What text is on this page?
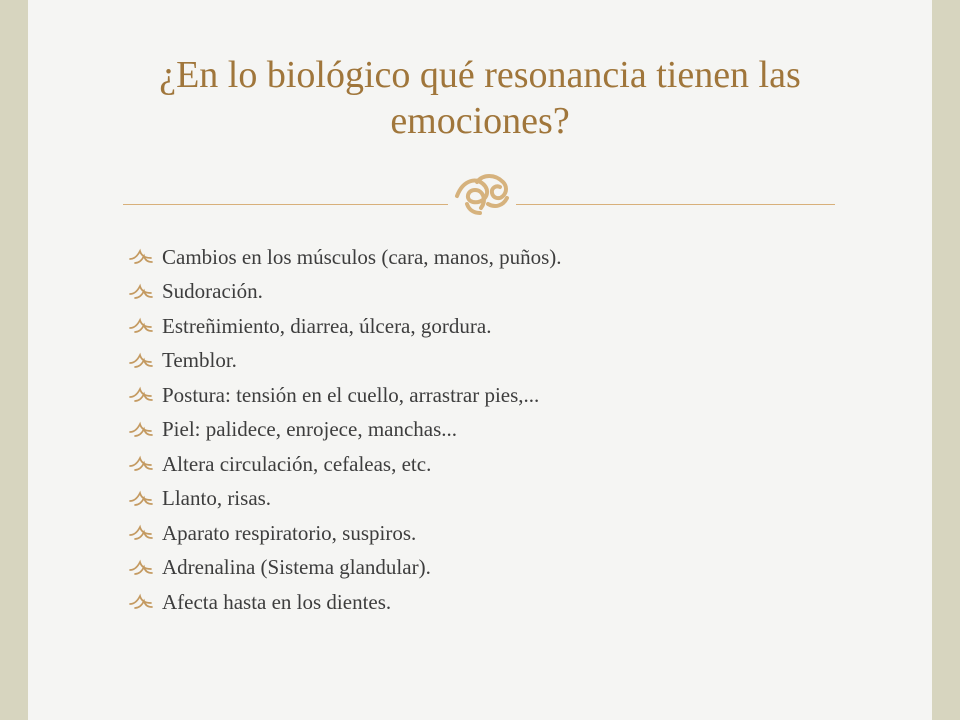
¿En lo biológico qué resonancia tienen las
emociones?
Cambios en los músculos (cara, manos, puños).
Sudoración.
Estreñimiento, diarrea, úlcera, gordura.
Temblor.
Postura: tensión en el cuello, arrastrar pies,...
Piel: palidece, enrojece, manchas...
Altera circulación, cefaleas, etc.
Llanto, risas.
Aparato respiratorio, suspiros.
Adrenalina (Sistema glandular).
Afecta hasta en los dientes.
